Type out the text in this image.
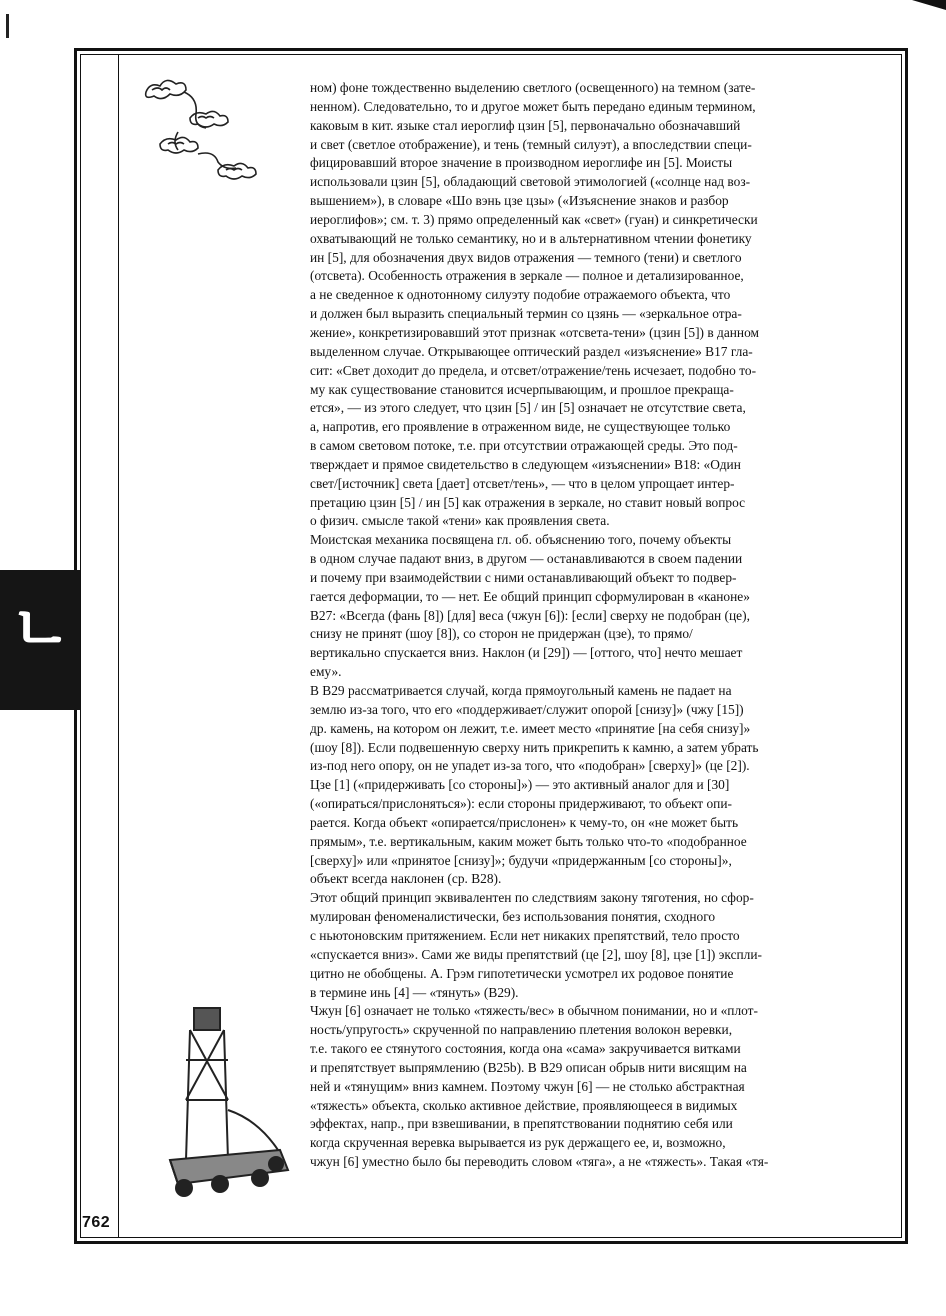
ㄴ
762
ном) фоне тождественно выделению светлого (освещенного) на темном (зате-
ненном). Следовательно, то и другое может быть передано единым термином,
каковым в кит. языке стал иероглиф цзин [5], первоначально обозначавший
и свет (светлое отображение), и тень (темный силуэт), а впоследствии специ-
фицировавший второе значение в производном иероглифе ин [5]. Моисты
использовали цзин [5], обладающий световой этимологией («солнце над воз-
вышением»), в словаре «Шо вэнь цзе цзы» («Изъяснение знаков и разбор
иероглифов»; см. т. 3) прямо определенный как «свет» (гуан) и синкретически
охватывающий не только семантику, но и в альтернативном чтении фонетику
ин [5], для обозначения двух видов отражения — темного (тени) и светлого
(отсвета). Особенность отражения в зеркале — полное и детализированное,
а не сведенное к однотонному силуэту подобие отражаемого объекта, что
и должен был выразить специальный термин со цзянь — «зеркальное отра-
жение», конкретизировавший этот признак «отсвета-тени» (цзин [5]) в данном
выделенном случае. Открывающее оптический раздел «изъяснение» B17 гла-
сит: «Свет доходит до предела, и отсвет/отражение/тень исчезает, подобно то-
му как существование становится исчерпывающим, и прошлое прекраща-
ется», — из этого следует, что цзин [5] / ин [5] означает не отсутствие света,
а, напротив, его проявление в отраженном виде, не существующее только
в самом световом потоке, т.е. при отсутствии отражающей среды. Это под-
тверждает и прямое свидетельство в следующем «изъяснении» B18: «Один
свет/[источник] света [дает] отсвет/тень», — что в целом упрощает интер-
претацию цзин [5] / ин [5] как отражения в зеркале, но ставит новый вопрос
о физич. смысле такой «тени» как проявления света.
Моистская механика посвящена гл. об. объяснению того, почему объекты
в одном случае падают вниз, в другом — останавливаются в своем падении
и почему при взаимодействии с ними останавливающий объект то подвер-
гается деформации, то — нет. Ее общий принцип сформулирован в «каноне»
B27: «Всегда (фань [8]) [для] веса (чжун [6]): [если] сверху не подобран (це),
снизу не принят (шоу [8]), со сторон не придержан (цзе), то прямо/
вертикально спускается вниз. Наклон (и [29]) — [оттого, что] нечто мешает
ему».
В B29 рассматривается случай, когда прямоугольный камень не падает на
землю из-за того, что его «поддерживает/служит опорой [снизу]» (чжу [15])
др. камень, на котором он лежит, т.е. имеет место «принятие [на себя снизу]»
(шоу [8]). Если подвешенную сверху нить прикрепить к камню, а затем убрать
из-под него опору, он не упадет из-за того, что «подобран» [сверху]» (це [2]).
Цзе [1] («придерживать [со стороны]») — это активный аналог для и [30]
(«опираться/прислоняться»): если стороны придерживают, то объект опи-
рается. Когда объект «опирается/прислонен» к чему-то, он «не может быть
прямым», т.е. вертикальным, каким может быть только что-то «подобранное
[сверху]» или «принятое [снизу]»; будучи «придержанным [со стороны]»,
объект всегда наклонен (ср. B28).
Этот общий принцип эквивалентен по следствиям закону тяготения, но сфор-
мулирован феноменалистически, без использования понятия, сходного
с ньютоновским притяжением. Если нет никаких препятствий, тело просто
«спускается вниз». Сами же виды препятствий (це [2], шоу [8], цзе [1]) экспли-
цитно не обобщены. А. Грэм гипотетически усмотрел их родовое понятие
в термине инь [4] — «тянуть» (B29).
Чжун [6] означает не только «тяжесть/вес» в обычном понимании, но и «плот-
ность/упругость» скрученной по направлению плетения волокон веревки,
т.е. такого ее стянутого состояния, когда она «сама» закручивается витками
и препятствует выпрямлению (B25b). В B29 описан обрыв нити висящим на
ней и «тянущим» вниз камнем. Поэтому чжун [6] — не столько абстрактная
«тяжесть» объекта, сколько активное действие, проявляющееся в видимых
эффектах, напр., при взвешивании, в препятствовании поднятию себя или
когда скрученная веревка вырывается из рук держащего ее, и, возможно,
чжун [6] уместно было бы переводить словом «тяга», а не «тяжесть». Такая «тя-
